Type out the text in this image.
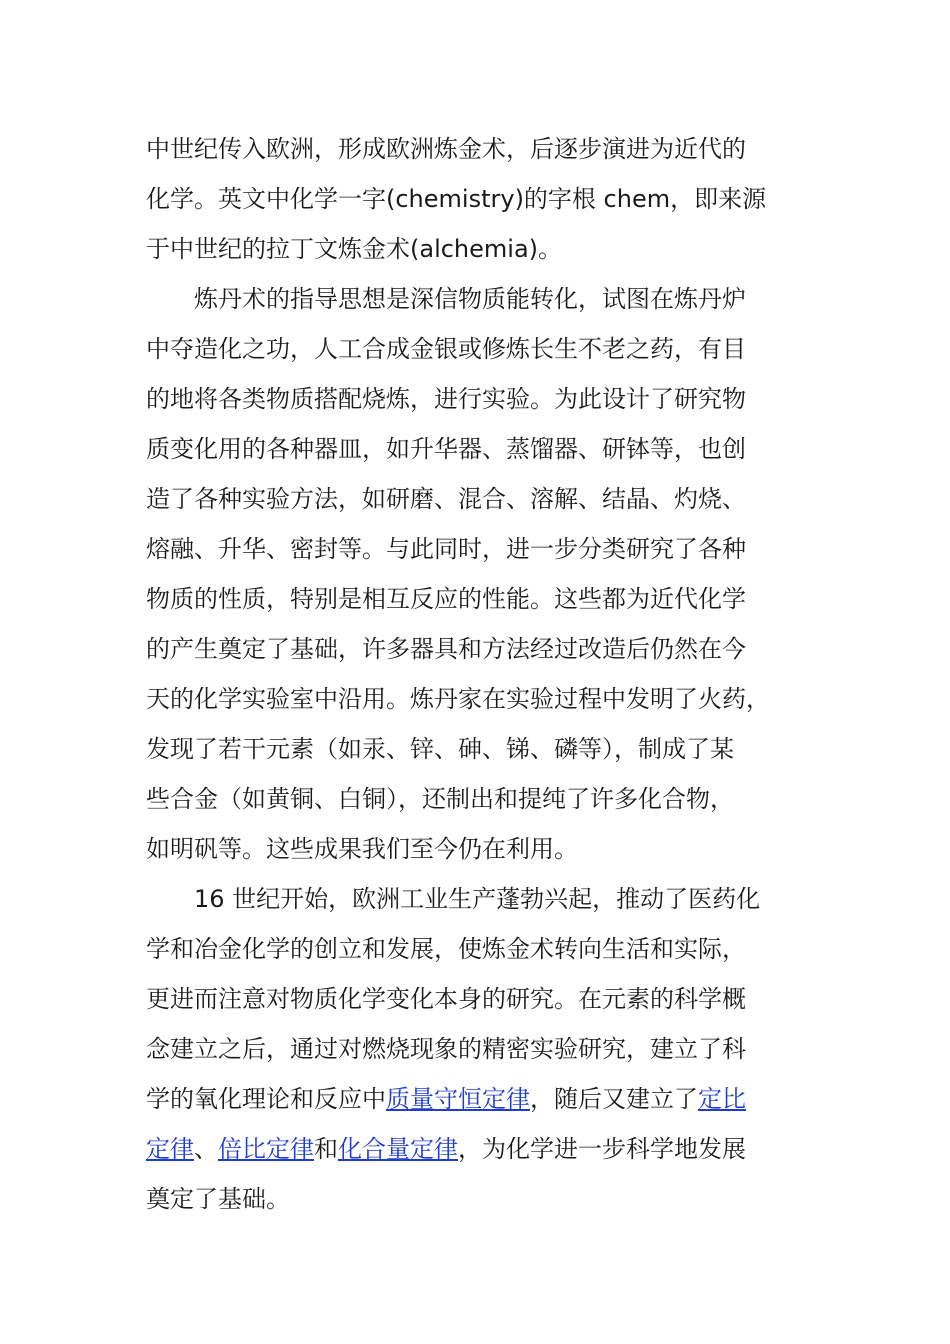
中世纪传入欧洲，形成欧洲炼金术，后逐步演进为近代的
化学。英文中化学一字(chemistry)的字根 chem，即来源
于中世纪的拉丁文炼金术(alchemia)。

炼丹术的指导思想是深信物质能转化，试图在炼丹炉
中夺造化之功，人工合成金银或修炼长生不老之药，有目
的地将各类物质搭配烧炼，进行实验。为此设计了研究物
质变化用的各种器皿，如升华器、蒸馏器、研钵等，也创
造了各种实验方法，如研磨、混合、溶解、结晶、灼烧、
熔融、升华、密封等。与此同时，进一步分类研究了各种
物质的性质，特别是相互反应的性能。这些都为近代化学
的产生奠定了基础，许多器具和方法经过改造后仍然在今
天的化学实验室中沿用。炼丹家在实验过程中发明了火药，
发现了若干元素（如汞、锌、砷、锑、磷等），制成了某
些合金（如黄铜、白铜），还制出和提纯了许多化合物，
如明矾等。这些成果我们至今仍在利用。

16 世纪开始，欧洲工业生产蓬勃兴起，推动了医药化
学和冶金化学的创立和发展，使炼金术转向生活和实际，
更进而注意对物质化学变化本身的研究。在元素的科学概
念建立之后，通过对燃烧现象的精密实验研究，建立了科
学的氧化理论和反应中质量守恒定律，随后又建立了定比
定律、倍比定律和化合量定律，为化学进一步科学地发展
奠定了基础。
